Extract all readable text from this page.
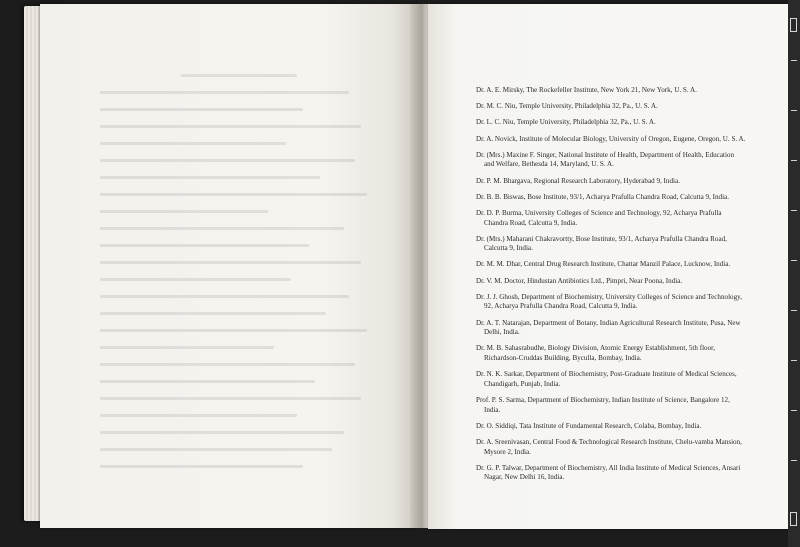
Dr. A. E. Mirsky, The Rockefeller Institute, New York 21, New York, U. S. A.

Dr. M. C. Niu, Temple University, Philadelphia 32, Pa., U. S. A.

Dr. L. C. Niu, Temple University, Philadelphia 32, Pa., U. S. A.

Dr. A. Novick, Institute of Molecular Biology, University of Oregon, Eugene, Oregon, U. S. A.

Dr. (Mrs.) Maxine F. Singer, National Institute of Health, Department of Health, Education and Welfare, Bethesda 14, Maryland, U. S. A.

Dr. P. M. Bhargava, Regional Research Laboratory, Hyderabad 9, India.

Dr. B. B. Biswas, Bose Institute, 93/1, Acharya Prafulla Chandra Road, Calcutta 9, India.

Dr. D. P. Burma, University Colleges of Science and Technology, 92, Acharya Prafulla Chandra Road, Calcutta 9, India.

Dr. (Mrs.) Maharani Chakravortty, Bose Institute, 93/1, Acharya Prafulla Chandra Road, Calcutta 9, India.

Dr. M. M. Dhar, Central Drug Research Institute, Chattar Manzil Palace, Lucknow, India.

Dr. V. M. Doctor, Hindustan Antibiotics Ltd., Pimpri, Near Poona, India.

Dr. J. J. Ghosh, Department of Biochemistry, University Colleges of Science and Technology, 92, Acharya Prafulla Chandra Road, Calcutta 9, India.

Dr. A. T. Natarajan, Department of Botany, Indian Agricultural Research Institute, Pusa, New Delhi, India.

Dr. M. B. Sahasrabudhe, Biology Division, Atomic Energy Establishment, 5th floor, Richardson-Cruddas Building, Byculla, Bombay, India.

Dr. N. K. Sarkar, Department of Biochemistry, Post-Graduate Institute of Medical Sciences, Chandigarh, Punjab, India.

Prof. P. S. Sarma, Department of Biochemistry, Indian Institute of Science, Bangalore 12, India.

Dr. O. Siddiqi, Tata Institute of Fundamental Research, Colaba, Bombay, India.

Dr. A. Sreenivasan, Central Food & Technological Research Institute, Chelu-vamba Mansion, Mysore 2, India.

Dr. G. P. Talwar, Department of Biochemistry, All India Institute of Medical Sciences, Ansari Nagar, New Delhi 16, India.
